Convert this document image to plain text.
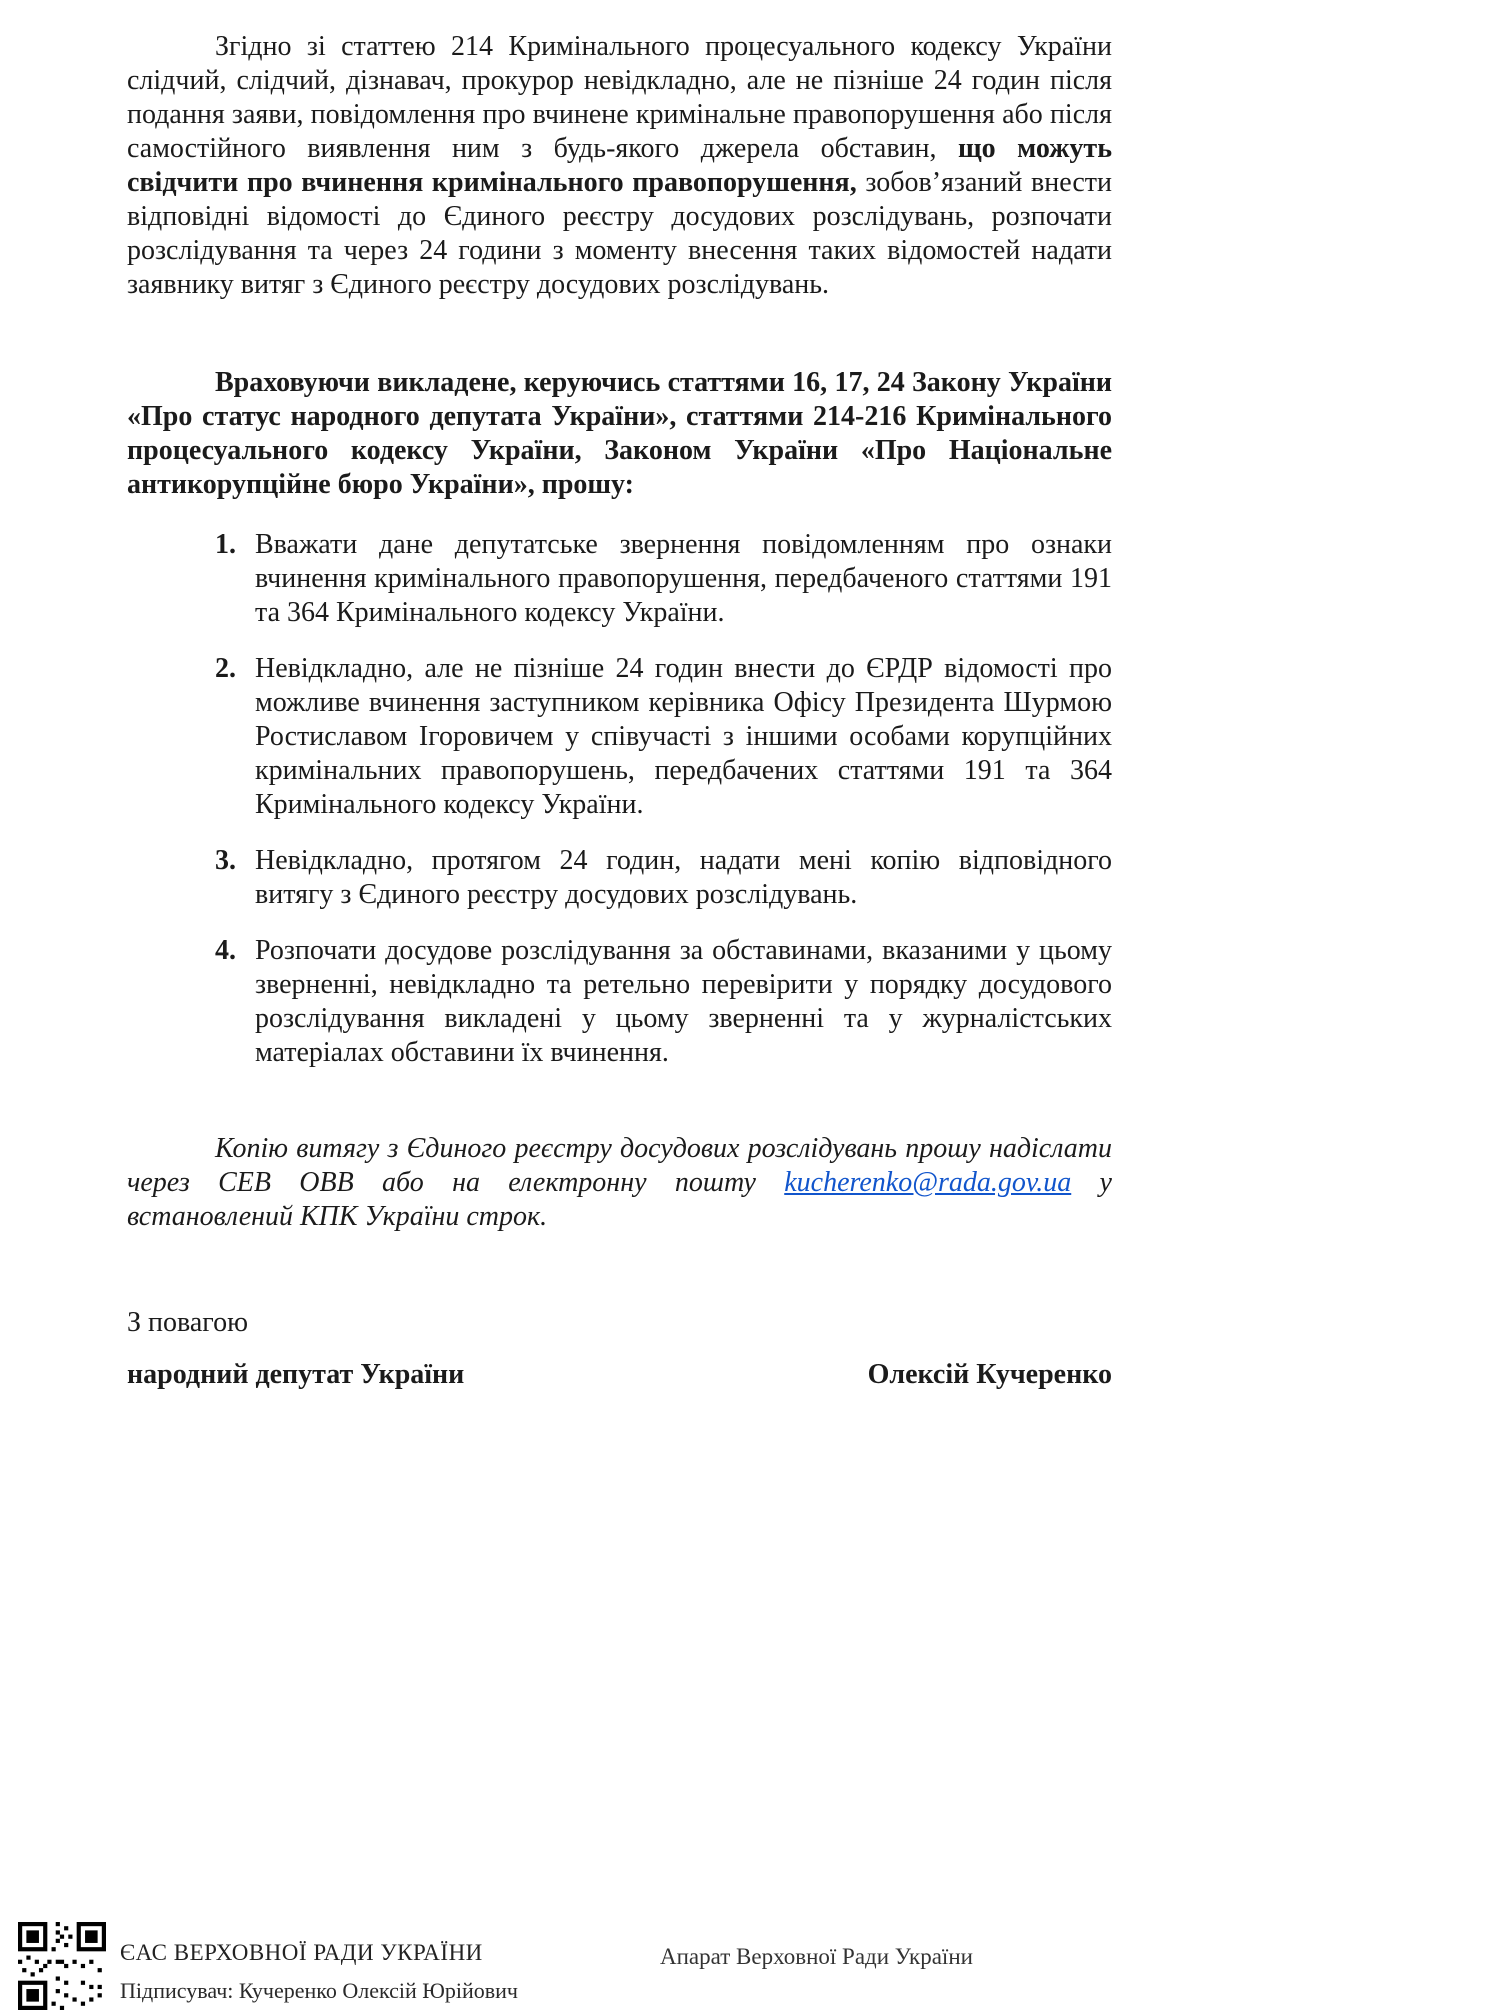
Згідно зі статтею 214 Кримінального процесуального кодексу України слідчий, слідчий, дізнавач, прокурор невідкладно, але не пізніше 24 годин після подання заяви, повідомлення про вчинене кримінальне правопорушення або після самостійного виявлення ним з будь-якого джерела обставин, що можуть свідчити про вчинення кримінального правопорушення, зобов’язаний внести відповідні відомості до Єдиного реєстру досудових розслідувань, розпочати розслідування та через 24 години з моменту внесення таких відомостей надати заявнику витяг з Єдиного реєстру досудових розслідувань.

Враховуючи викладене, керуючись статтями 16, 17, 24 Закону України «Про статус народного депутата України», статтями 214-216 Кримінального процесуального кодексу України, Законом України «Про Національне антикорупційне бюро України», прошу:

1. Вважати дане депутатське звернення повідомленням про ознаки вчинення кримінального правопорушення, передбаченого статтями 191 та 364 Кримінального кодексу України.
2. Невідкладно, але не пізніше 24 годин внести до ЄРДР відомості про можливе вчинення заступником керівника Офісу Президента Шурмою Ростиславом Ігоровичем у співучасті з іншими особами корупційних кримінальних правопорушень, передбачених статтями 191 та 364 Кримінального кодексу України.
3. Невідкладно, протягом 24 годин, надати мені копію відповідного витягу з Єдиного реєстру досудових розслідувань.
4. Розпочати досудове розслідування за обставинами, вказаними у цьому зверненні, невідкладно та ретельно перевірити у порядку досудового розслідування викладені у цьому зверненні та у журналістських матеріалах обставини їх вчинення.

Копію витягу з Єдиного реєстру досудових розслідувань прошу надіслати через СЕВ ОВВ або на електронну пошту kucherenko@rada.gov.ua у встановлений КПК України строк.

З повагою

народний депутат України	Олексій Кучеренко
ЄАС ВЕРХОВНОЇ РАДИ УКРАЇНИ
Підписувач: Кучеренко Олексій Юрійович
Апарат Верховної Ради України
